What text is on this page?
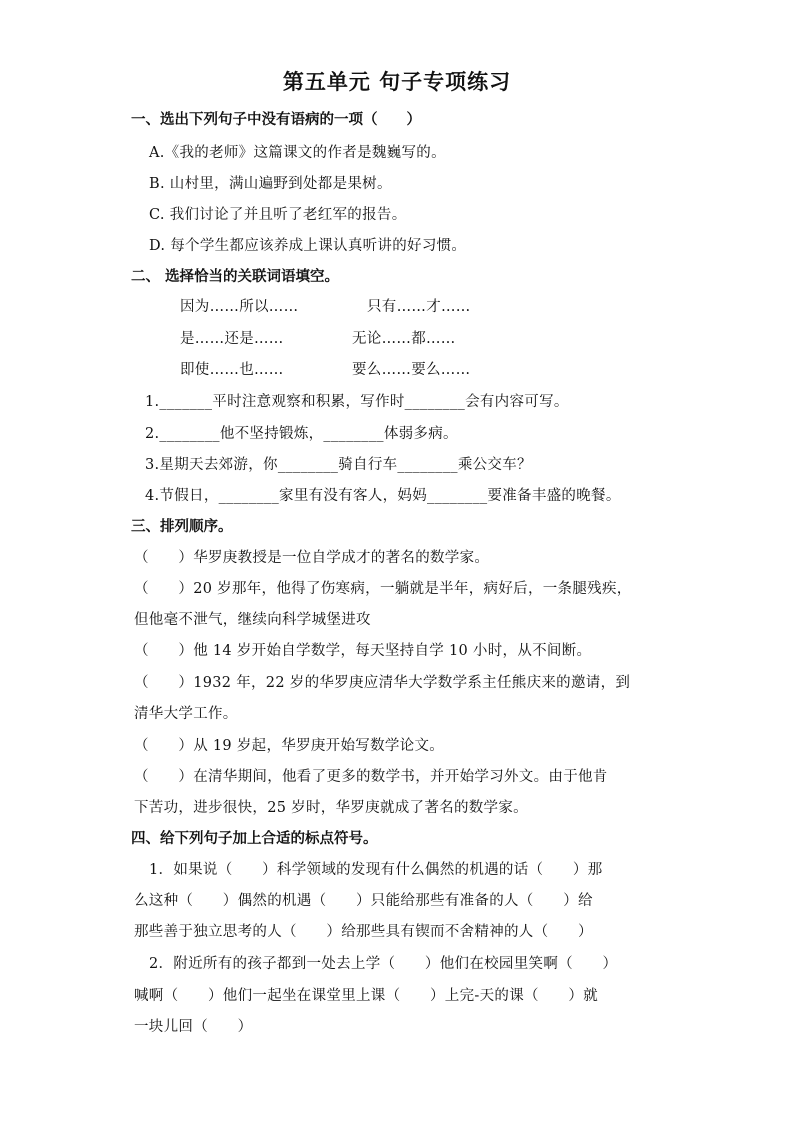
第五单元 句子专项练习
一、选出下列句子中没有语病的一项（　　）
A.《我的老师》这篇课文的作者是魏巍写的。
B. 山村里，满山遍野到处都是果树。
C. 我们讨论了并且听了老红军的报告。
D. 每个学生都应该养成上课认真听讲的好习惯。
二、 选择恰当的关联词语填空。
因为……所以……	只有……才……
是……还是……	无论……都……
即使……也……	要么……要么……
1._______平时注意观察和积累，写作时________会有内容可写。
2.________他不坚持锻炼，________体弱多病。
3.星期天去郊游，你________骑自行车________乘公交车？
4.节假日，________家里有没有客人，妈妈________要准备丰盛的晚餐。
三、排列顺序。
（　　）华罗庚教授是一位自学成才的著名的数学家。
（　　）20 岁那年，他得了伤寒病，一躺就是半年，病好后，一条腿残疾，
但他毫不泄气，继续向科学城堡进攻
（　　）他 14 岁开始自学数学，每天坚持自学 10 小时，从不间断。
（　　）1932 年，22 岁的华罗庚应清华大学数学系主任熊庆来的邀请，到
清华大学工作。
（　　）从 19 岁起，华罗庚开始写数学论文。
（　　）在清华期间，他看了更多的数学书，并开始学习外文。由于他肯
下苦功，进步很快，25 岁时，华罗庚就成了著名的数学家。
四、给下列句子加上合适的标点符号。
1．如果说（　　）科学领域的发现有什么偶然的机遇的话（　　）那
么这种（　　）偶然的机遇（　　）只能给那些有准备的人（　　）给
那些善于独立思考的人（　　）给那些具有锲而不舍精神的人（　　）
2．附近所有的孩子都到一处去上学（　　）他们在校园里笑啊（　　）
喊啊（　　）他们一起坐在课堂里上课（　　）上完-天的课（　　）就
一块儿回（　　）
